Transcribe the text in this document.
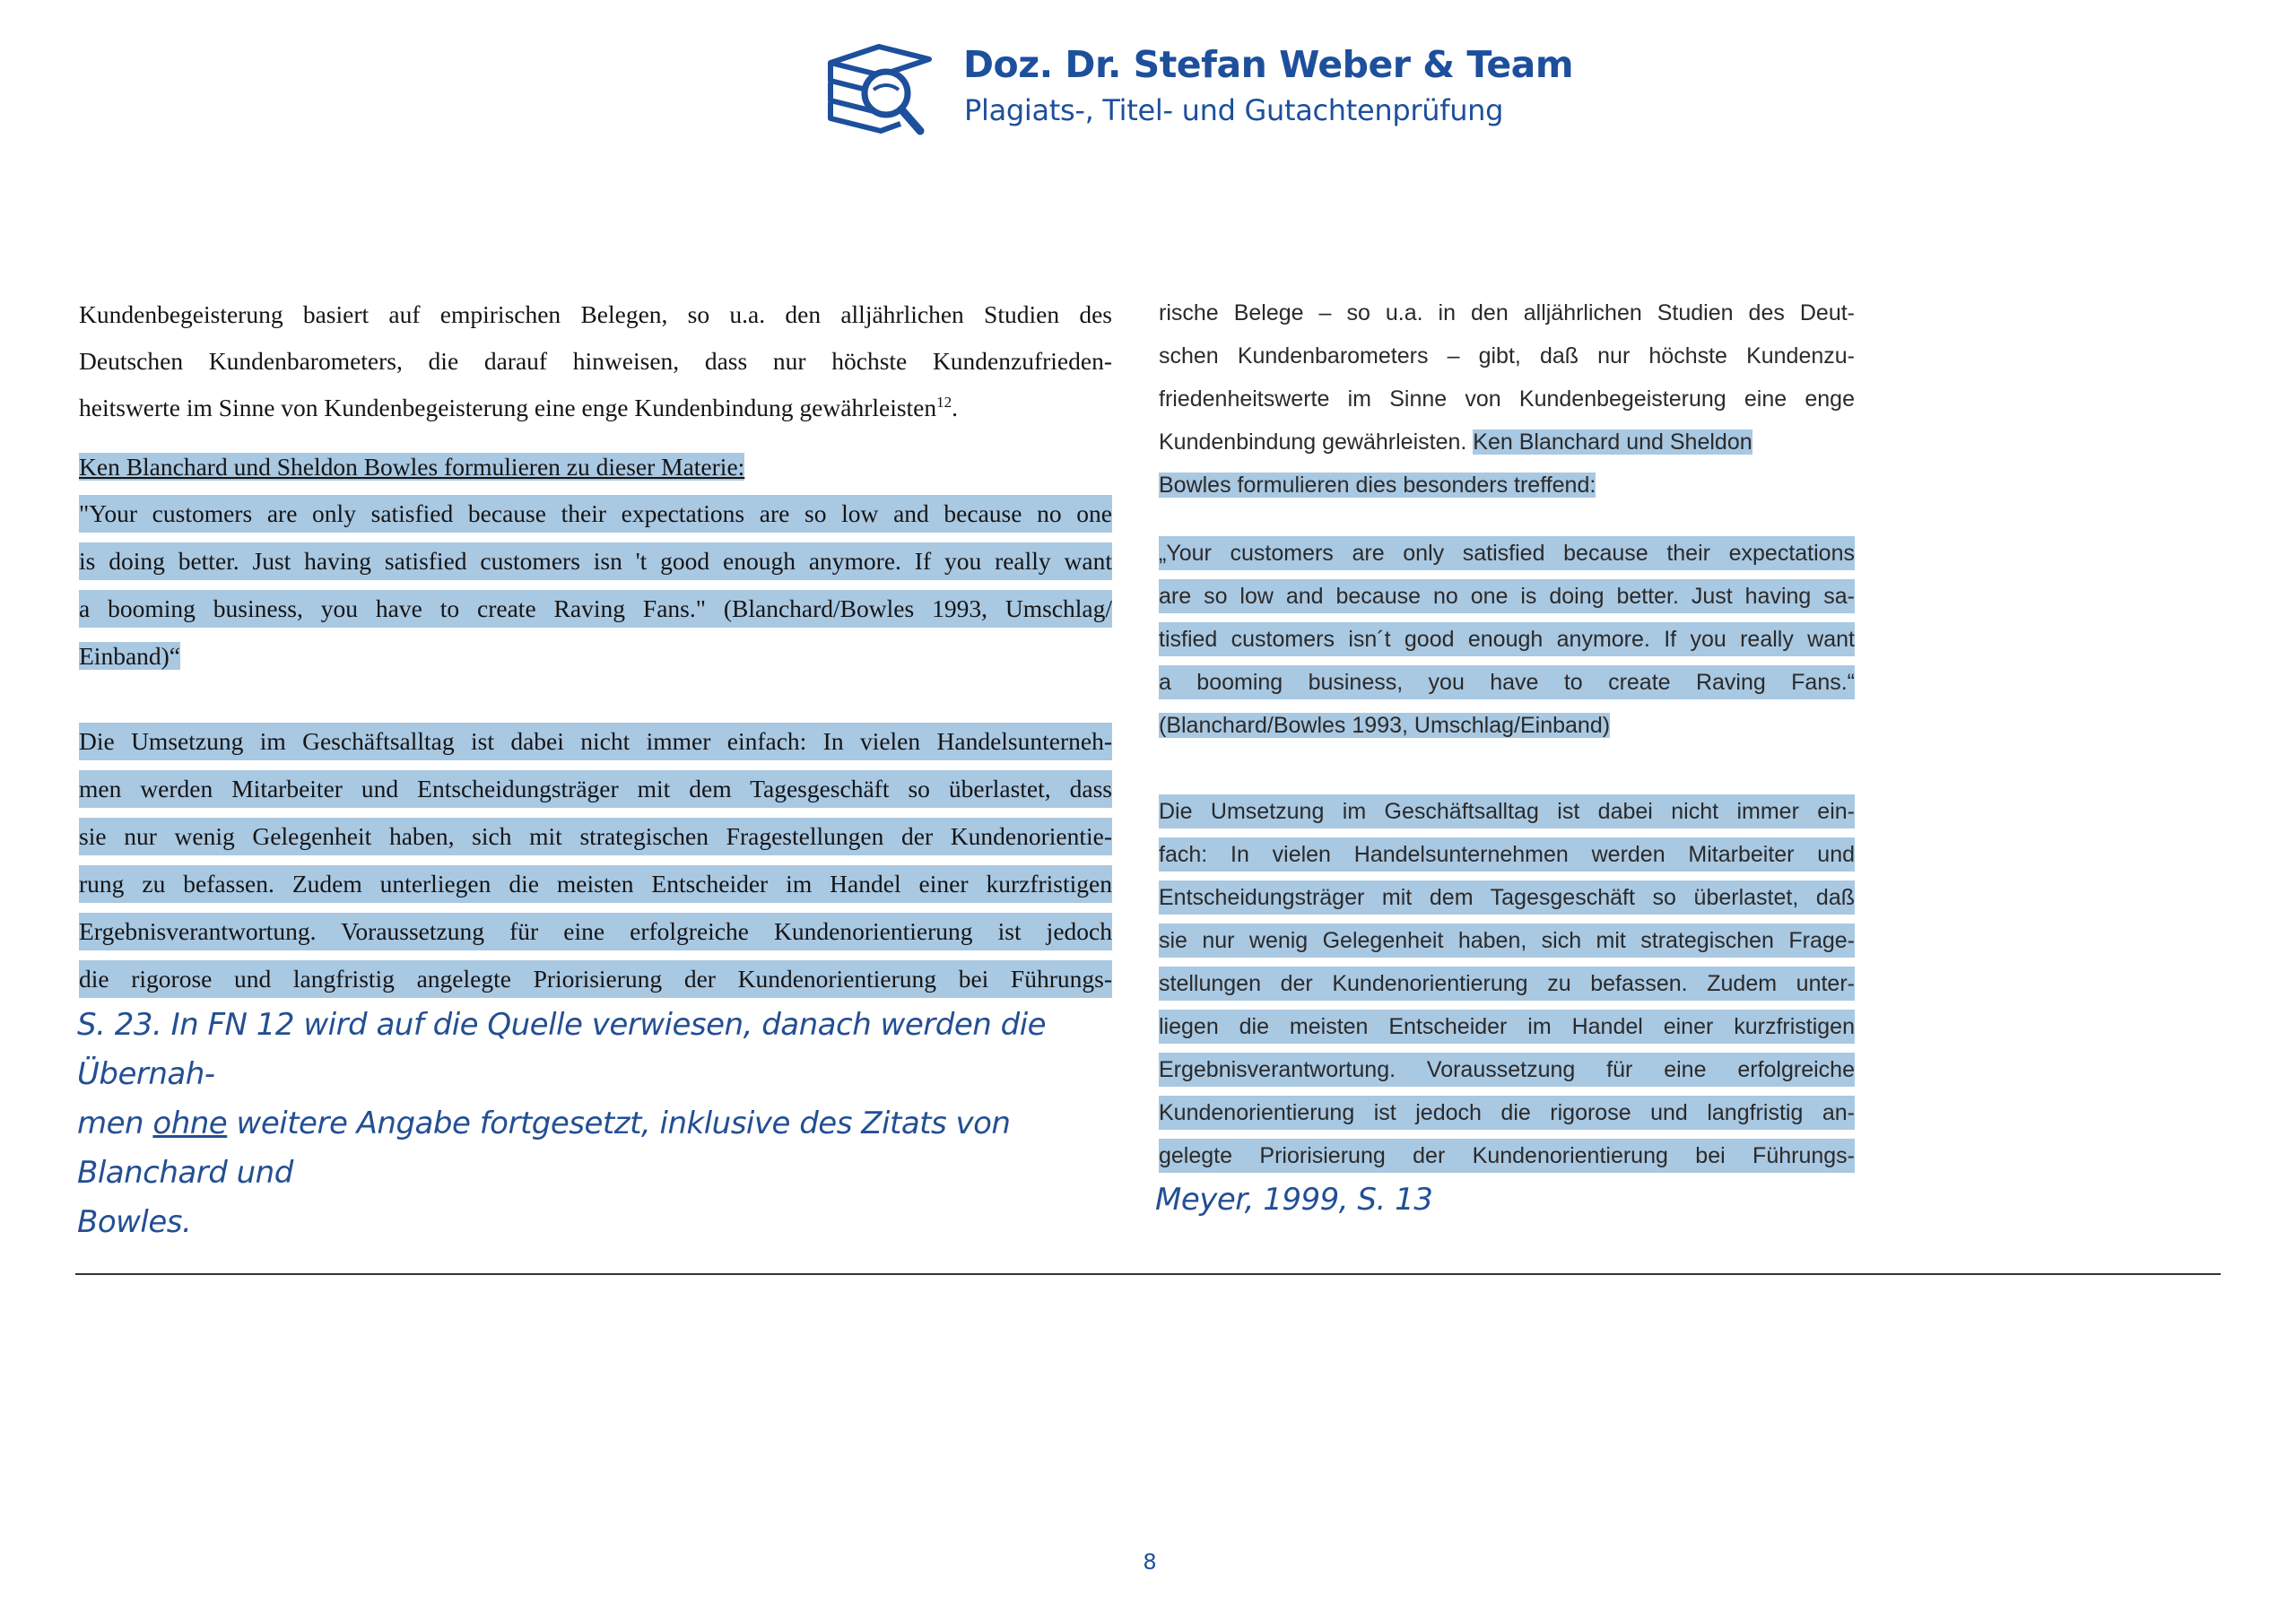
Doz. Dr. Stefan Weber & Team
Plagiats-, Titel- und Gutachtenprüfung
Kundenbegeisterung basiert auf empirischen Belegen, so u.a. den alljährlichen Studien des
Deutschen Kundenbarometers, die darauf hinweisen, dass nur höchste Kundenzufrieden-
heitswerte im Sinne von Kundenbegeisterung eine enge Kundenbindung gewährleisten$^{12}$.
Ken Blanchard und Sheldon Bowles formulieren zu dieser Materie:
"Your customers are only satisfied because their expectations are so low and because no one
is doing better. Just having satisfied customers isn 't good enough anymore. If you really want
a booming business, you have to create Raving Fans." (Blanchard/Bowles 1993, Umschlag/
Einband)“
Die Umsetzung im Geschäftsalltag ist dabei nicht immer einfach: In vielen Handelsunterneh-
men werden Mitarbeiter und Entscheidungsträger mit dem Tagesgeschäft so überlastet, dass
sie nur wenig Gelegenheit haben, sich mit strategischen Fragestellungen der Kundenorientie-
rung zu befassen. Zudem unterliegen die meisten Entscheider im Handel einer kurzfristigen
Ergebnisverantwortung. Voraussetzung für eine erfolgreiche Kundenorientierung ist jedoch
die rigorose und langfristig angelegte Priorisierung der Kundenorientierung bei Führungs-
S. 23. In FN 12 wird auf die Quelle verwiesen, danach werden die Übernah-
men ohne weitere Angabe fortgesetzt, inklusive des Zitats von Blanchard und
Bowles.
rische Belege – so u.a. in den alljährlichen Studien des Deut-
schen Kundenbarometers – gibt, daß nur höchste Kundenzu-
friedenheitswerte im Sinne von Kundenbegeisterung eine enge
Kundenbindung gewährleisten. Ken Blanchard und Sheldon
Bowles formulieren dies besonders treffend:
„Your customers are only satisfied because their expectations
are so low and because no one is doing better. Just having sa-
tisfied customers isn´t good enough anymore. If you really want
a booming business, you have to create Raving Fans.“
(Blanchard/Bowles 1993, Umschlag/Einband)
Die Umsetzung im Geschäftsalltag ist dabei nicht immer ein-
fach: In vielen Handelsunternehmen werden Mitarbeiter und
Entscheidungsträger mit dem Tagesgeschäft so überlastet, daß
sie nur wenig Gelegenheit haben, sich mit strategischen Frage-
stellungen der Kundenorientierung zu befassen. Zudem unter-
liegen die meisten Entscheider im Handel einer kurzfristigen
Ergebnisverantwortung. Voraussetzung für eine erfolgreiche
Kundenorientierung ist jedoch die rigorose und langfristig an-
gelegte Priorisierung der Kundenorientierung bei Führungs-
Meyer, 1999, S. 13
8
